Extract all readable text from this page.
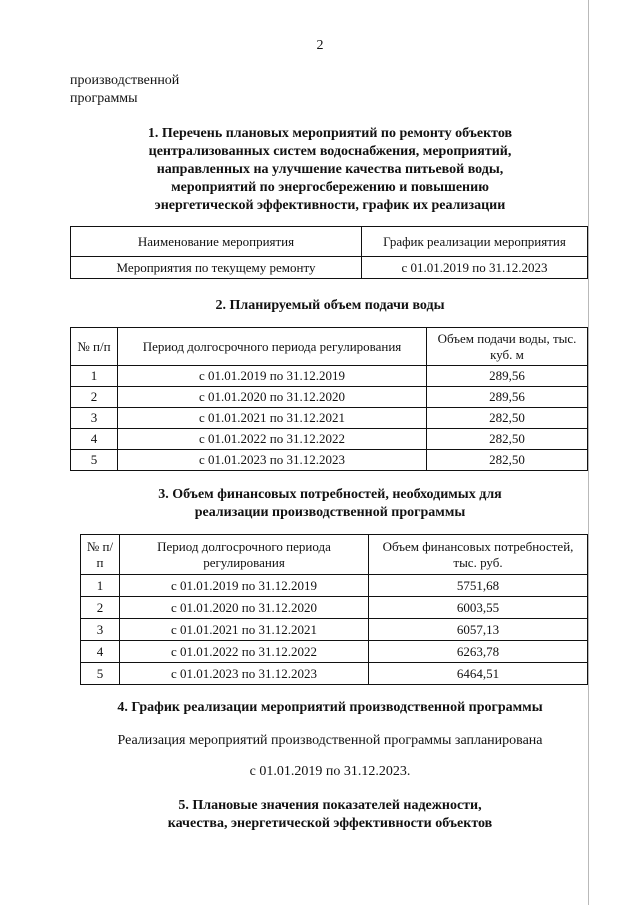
2
производственной
программы
1. Перечень плановых мероприятий по ремонту объектов
централизованных систем водоснабжения, мероприятий,
направленных на улучшение качества питьевой воды,
мероприятий по энергосбережению и повышению
энергетической эффективности, график их реализации
Наименование мероприятия	График реализации мероприятия
Мероприятия по текущему ремонту	с 01.01.2019 по 31.12.2023
2. Планируемый объем подачи воды
№ п/п	Период долгосрочного периода регулирования	Объем подачи воды, тыс. куб. м
1	с 01.01.2019 по 31.12.2019	289,56
2	с 01.01.2020 по 31.12.2020	289,56
3	с 01.01.2021 по 31.12.2021	282,50
4	с 01.01.2022 по 31.12.2022	282,50
5	с 01.01.2023 по 31.12.2023	282,50
3. Объем финансовых потребностей, необходимых для
реализации производственной программы
№ п/п	Период долгосрочного периода регулирования	Объем финансовых потребностей, тыс. руб.
1	с 01.01.2019 по 31.12.2019	5751,68
2	с 01.01.2020 по 31.12.2020	6003,55
3	с 01.01.2021 по 31.12.2021	6057,13
4	с 01.01.2022 по 31.12.2022	6263,78
5	с 01.01.2023 по 31.12.2023	6464,51
4. График реализации мероприятий производственной программы
Реализация мероприятий производственной программы запланирована
с 01.01.2019 по 31.12.2023.
5. Плановые значения показателей надежности,
качества, энергетической эффективности объектов
